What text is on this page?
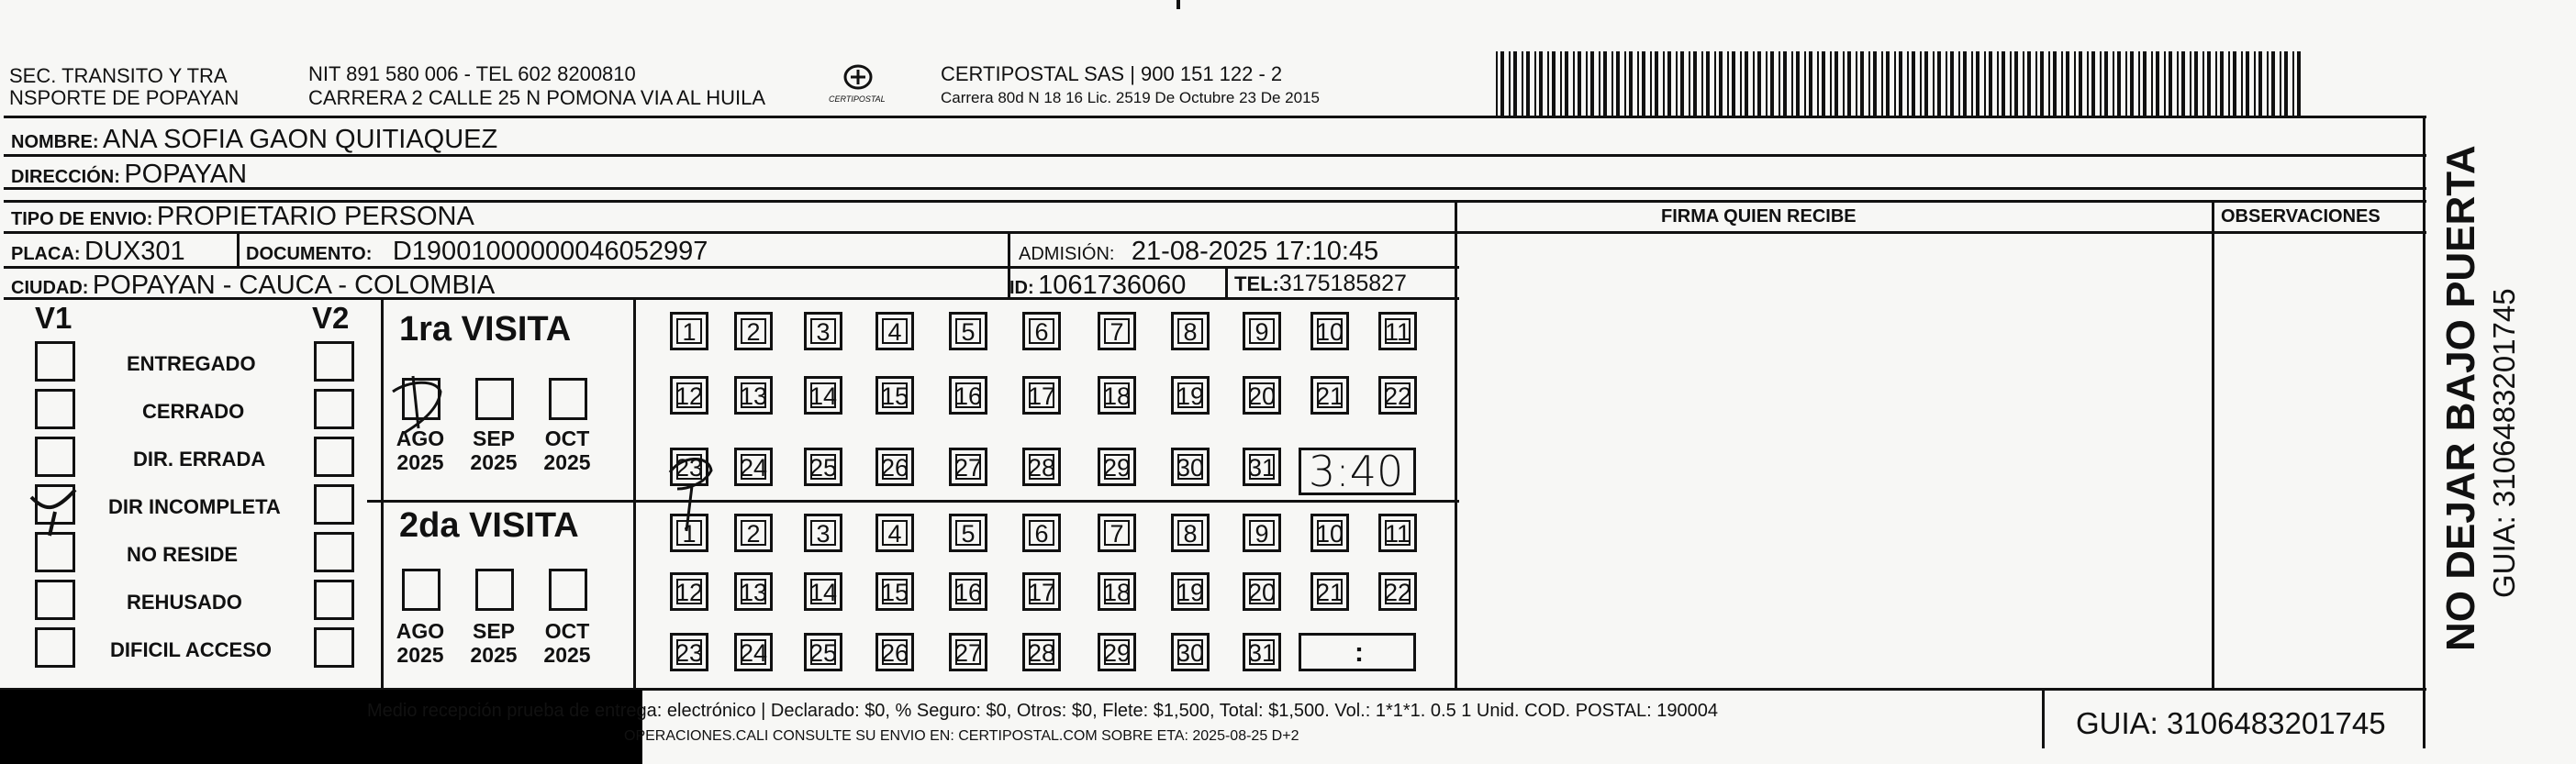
SEC. TRANSITO Y TRA
NSPORTE DE POPAYAN
NIT 891 580 006 - TEL 602 8200810
CARRERA 2 CALLE 25 N POMONA VIA AL HUILA	CERTIPOSTAL
CERTIPOSTAL SAS | 900 151 122 - 2
Carrera 80d N 18 16 Lic. 2519 De Octubre 23 De 2015
NOMBRE: ANA SOFIA GAON QUITIAQUEZ
DIRECCIÓN: POPAYAN
TIPO DE ENVIO: PROPIETARIO PERSONA	FIRMA QUIEN RECIBE	OBSERVACIONES
PLACA: DUX301	DOCUMENTO: D19001000000046052997	ADMISIÓN: 21-08-2025 17:10:45
CIUDAD: POPAYAN - CAUCA - COLOMBIA	ID: 1061736060 TEL:3175185827
V1	V2
ENTREGADO
CERRADO
DIR. ERRADA
DIR INCOMPLETA
NO RESIDE
REHUSADO
DIFICIL ACCESO
1ra VISITA
2da VISITA
AGO
2025
SEP
2025
OCT
2025
AGO
2025
SEP
2025
OCT
2025
1 2 3 4 5 6 7 8 9 10 11
12 13 14 15 16 17 18 19 20 21 22
23 24 25 26 27 28 29 30 31
1 2 3 4 5 6 7 8 9 10 11
12 13 14 15 16 17 18 19 20 21 22
23 24 25 26 27 28 29 30 31
3:40
:
Medio recepción prueba de entrega: electrónico | Declarado: $0, % Seguro: $0, Otros: $0, Flete: $1,500, Total: $1,500. Vol.: 1*1*1. 0.5 1 Unid. COD. POSTAL: 190004
OPERACIONES.CALI CONSULTE SU ENVIO EN: CERTIPOSTAL.COM SOBRE ETA: 2025-08-25 D+2	GUIA: 3106483201745
NO DEJAR BAJO PUERTA GUIA: 3106483201745
